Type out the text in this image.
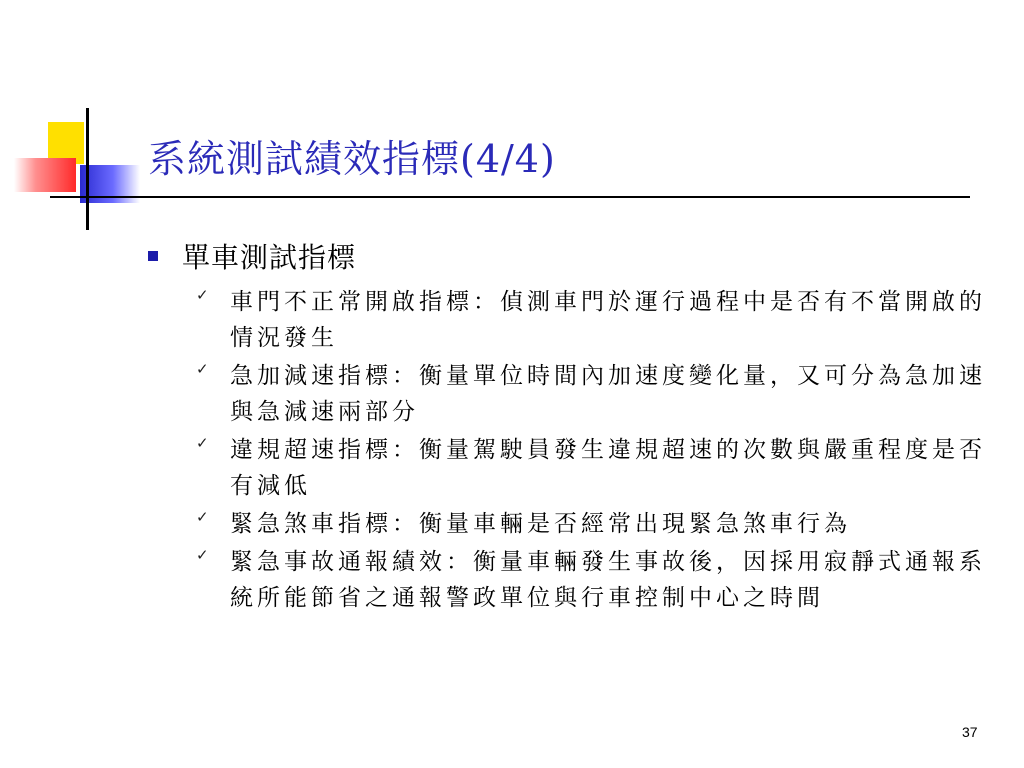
系統測試績效指標(4/4)
單車測試指標
✓ 車門不正常開啟指標：偵測車門於運行過程中是否有不當開啟的情況發生
✓ 急加減速指標：衡量單位時間內加速度變化量，又可分為急加速與急減速兩部分
✓ 違規超速指標：衡量駕駛員發生違規超速的次數與嚴重程度是否有減低
✓ 緊急煞車指標：衡量車輛是否經常出現緊急煞車行為
✓ 緊急事故通報績效：衡量車輛發生事故後，因採用寂靜式通報系統所能節省之通報警政單位與行車控制中心之時間
37
